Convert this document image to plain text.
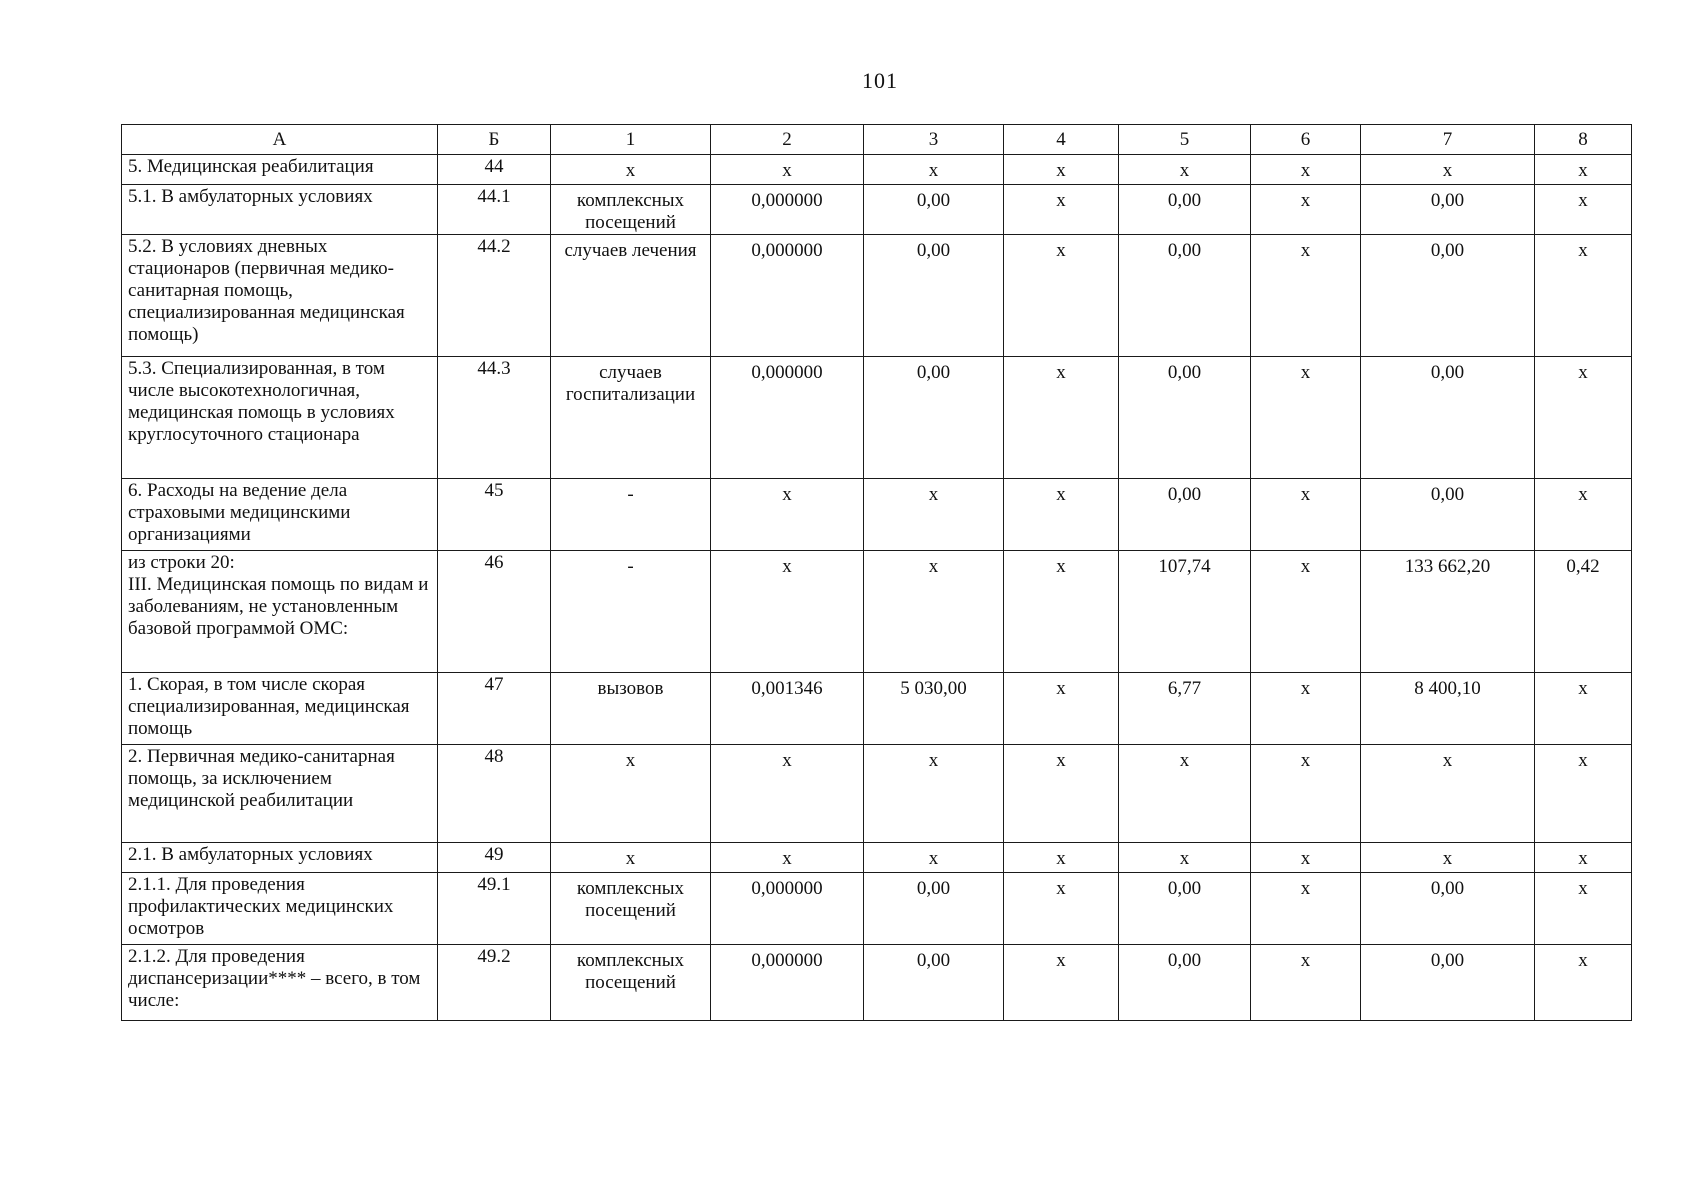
101
А	Б	1	2	3	4	5	6	7	8
5. Медицинская реабилитация	44	х	х	х	х	х	х	х	х
5.1. В амбулаторных условиях	44.1	комплексных посещений	0,000000	0,00	х	0,00	х	0,00	х
5.2. В условиях дневных стационаров (первичная медико-санитарная помощь, специализированная медицинская помощь)	44.2	случаев лечения	0,000000	0,00	х	0,00	х	0,00	х
5.3. Специализированная, в том числе высокотехнологичная, медицинская помощь в условиях круглосуточного стационара	44.3	случаев госпитализации	0,000000	0,00	х	0,00	х	0,00	х
6. Расходы на ведение дела страховыми медицинскими организациями	45	-	х	х	х	0,00	х	0,00	х
из строки 20:
III. Медицинская помощь по видам и заболеваниям, не установленным базовой программой ОМС:	46	-	х	х	х	107,74	х	133 662,20	0,42
1. Скорая, в том числе скорая специализированная, медицинская помощь	47	вызовов	0,001346	5 030,00	х	6,77	х	8 400,10	х
2. Первичная медико-санитарная помощь, за исключением медицинской реабилитации	48	х	х	х	х	х	х	х	х
2.1. В амбулаторных условиях	49	х	х	х	х	х	х	х	х
2.1.1. Для проведения профилактических медицинских осмотров	49.1	комплексных посещений	0,000000	0,00	х	0,00	х	0,00	х
2.1.2. Для проведения диспансеризации**** – всего, в том числе:	49.2	комплексных посещений	0,000000	0,00	х	0,00	х	0,00	х
